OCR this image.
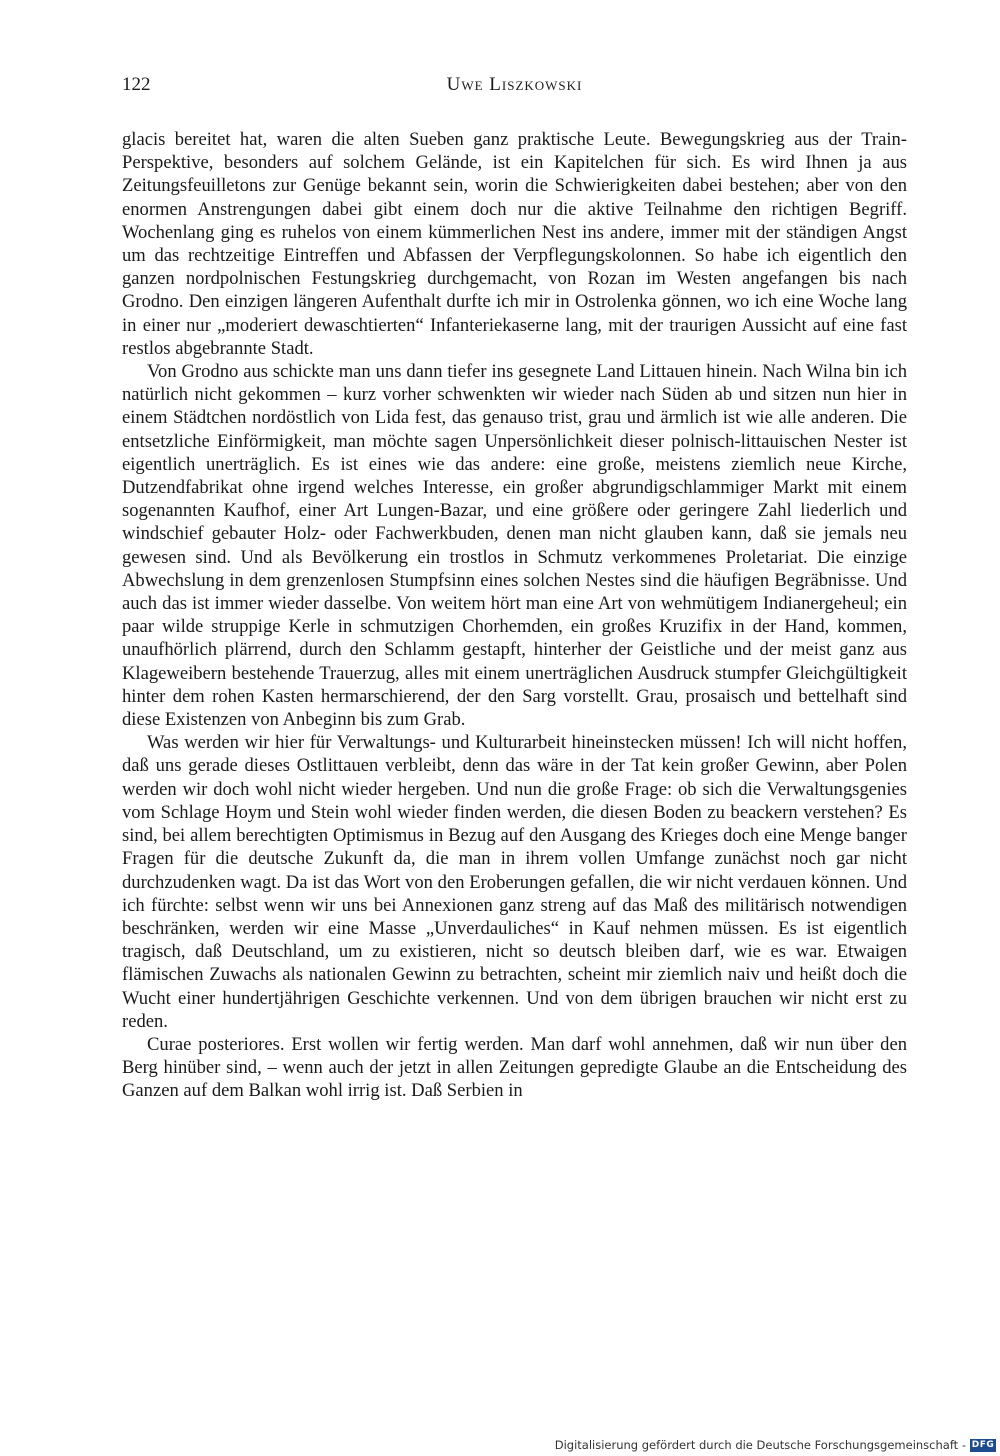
122	Uwe Liszkowski

glacis bereitet hat, waren die alten Sueben ganz praktische Leute. Bewegungskrieg aus der Train-Perspektive, besonders auf solchem Gelände, ist ein Kapitelchen für sich. Es wird Ihnen ja aus Zeitungsfeuilletons zur Genüge bekannt sein, worin die Schwierigkeiten dabei bestehen; aber von den enormen Anstrengungen dabei gibt einem doch nur die aktive Teilnahme den richtigen Begriff. Wochenlang ging es ruhelos von einem kümmerlichen Nest ins andere, immer mit der ständigen Angst um das rechtzeitige Eintreffen und Abfassen der Verpflegungskolonnen. So habe ich eigentlich den ganzen nordpolnischen Festungskrieg durchgemacht, von Rozan im Westen angefangen bis nach Grodno. Den einzigen längeren Aufenthalt durfte ich mir in Ostrolenka gönnen, wo ich eine Woche lang in einer nur „moderiert dewaschtierten“ Infanteriekaserne lang, mit der traurigen Aussicht auf eine fast restlos abgebrannte Stadt.

Von Grodno aus schickte man uns dann tiefer ins gesegnete Land Littauen hinein. Nach Wilna bin ich natürlich nicht gekommen – kurz vorher schwenkten wir wieder nach Süden ab und sitzen nun hier in einem Städtchen nordöstlich von Lida fest, das genauso trist, grau und ärmlich ist wie alle anderen. Die entsetzliche Einförmigkeit, man möchte sagen Unpersönlichkeit dieser polnisch-littauischen Nester ist eigentlich unerträglich. Es ist eines wie das andere: eine große, meistens ziemlich neue Kirche, Dutzendfabrikat ohne irgend welches Interesse, ein großer abgrundigschlammiger Markt mit einem sogenannten Kaufhof, einer Art Lungen-Bazar, und eine größere oder geringere Zahl liederlich und windschief gebauter Holz- oder Fachwerkbuden, denen man nicht glauben kann, daß sie jemals neu gewesen sind. Und als Bevölkerung ein trostlos in Schmutz verkommenes Proletariat. Die einzige Abwechslung in dem grenzenlosen Stumpfsinn eines solchen Nestes sind die häufigen Begräbnisse. Und auch das ist immer wieder dasselbe. Von weitem hört man eine Art von wehmütigem Indianergeheul; ein paar wilde struppige Kerle in schmutzigen Chorhemden, ein großes Kruzifix in der Hand, kommen, unaufhörlich plärrend, durch den Schlamm gestapft, hinterher der Geistliche und der meist ganz aus Klageweibern bestehende Trauerzug, alles mit einem unerträglichen Ausdruck stumpfer Gleichgültigkeit hinter dem rohen Kasten hermarschierend, der den Sarg vorstellt. Grau, prosaisch und bettelhaft sind diese Existenzen von Anbeginn bis zum Grab.

Was werden wir hier für Verwaltungs- und Kulturarbeit hineinstecken müssen! Ich will nicht hoffen, daß uns gerade dieses Ostlittauen verbleibt, denn das wäre in der Tat kein großer Gewinn, aber Polen werden wir doch wohl nicht wieder hergeben. Und nun die große Frage: ob sich die Verwaltungsgenies vom Schlage Hoym und Stein wohl wieder finden werden, die diesen Boden zu beackern verstehen? Es sind, bei allem berechtigten Optimismus in Bezug auf den Ausgang des Krieges doch eine Menge banger Fragen für die deutsche Zukunft da, die man in ihrem vollen Umfange zunächst noch gar nicht durchzudenken wagt. Da ist das Wort von den Eroberungen gefallen, die wir nicht verdauen können. Und ich fürchte: selbst wenn wir uns bei Annexionen ganz streng auf das Maß des militärisch notwendigen beschränken, werden wir eine Masse „Unverdauliches“ in Kauf nehmen müssen. Es ist eigentlich tragisch, daß Deutschland, um zu existieren, nicht so deutsch bleiben darf, wie es war. Etwaigen flämischen Zuwachs als nationalen Gewinn zu betrachten, scheint mir ziemlich naiv und heißt doch die Wucht einer hundertjährigen Geschichte verkennen. Und von dem übrigen brauchen wir nicht erst zu reden.

Curae posteriores. Erst wollen wir fertig werden. Man darf wohl annehmen, daß wir nun über den Berg hinüber sind, – wenn auch der jetzt in allen Zeitungen gepredigte Glaube an die Entscheidung des Ganzen auf dem Balkan wohl irrig ist. Daß Serbien in

Digitalisierung gefördert durch die Deutsche Forschungsgemeinschaft - DFG
